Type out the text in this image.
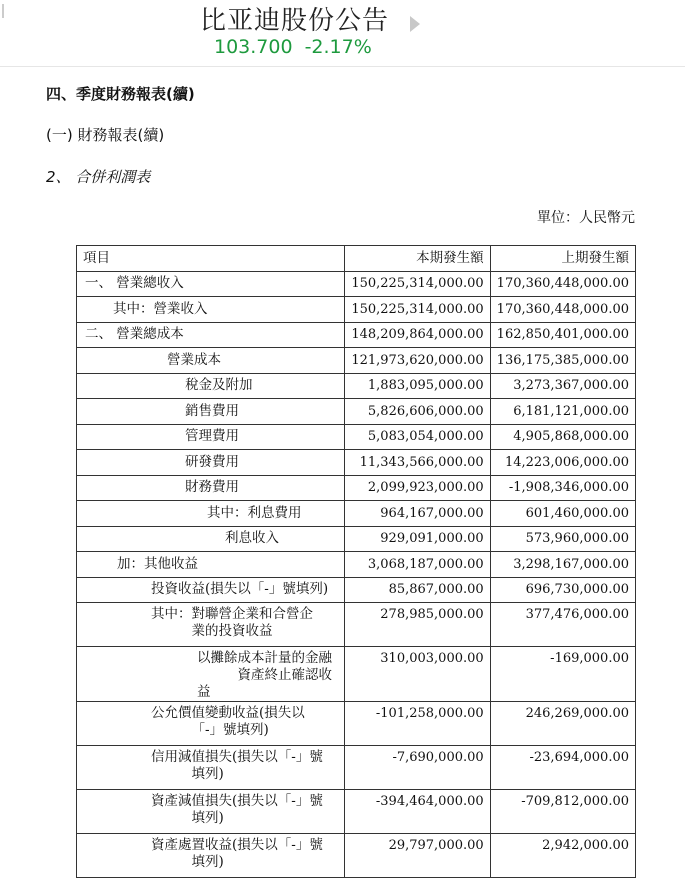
比亚迪股份公告
103.700 -2.17%
四、季度財務報表(續)
(一) 財務報表(續)
2、 合併利潤表
單位：人民幣元
項目	本期發生額	上期發生額
一、 營業總收入	150,225,314,000.00	170,360,448,000.00
其中：營業收入	150,225,314,000.00	170,360,448,000.00
二、 營業總成本	148,209,864,000.00	162,850,401,000.00
營業成本	121,973,620,000.00	136,175,385,000.00
稅金及附加	1,883,095,000.00	3,273,367,000.00
銷售費用	5,826,606,000.00	6,181,121,000.00
管理費用	5,083,054,000.00	4,905,868,000.00
研發費用	11,343,566,000.00	14,223,006,000.00
財務費用	2,099,923,000.00	-1,908,346,000.00
其中：利息費用	964,167,000.00	601,460,000.00
利息收入	929,091,000.00	573,960,000.00
加：其他收益	3,068,187,000.00	3,298,167,000.00
投資收益(損失以「-」號填列)	85,867,000.00	696,730,000.00
其中：對聯營企業和合營企
業的投資收益	278,985,000.00	377,476,000.00
以攤餘成本計量的金融
資產終止確認收益	310,003,000.00	-169,000.00
公允價值變動收益(損失以
「-」號填列)	-101,258,000.00	246,269,000.00
信用減值損失(損失以「-」號
填列)	-7,690,000.00	-23,694,000.00
資產減值損失(損失以「-」號
填列)	-394,464,000.00	-709,812,000.00
資產處置收益(損失以「-」號
填列)	29,797,000.00	2,942,000.00
